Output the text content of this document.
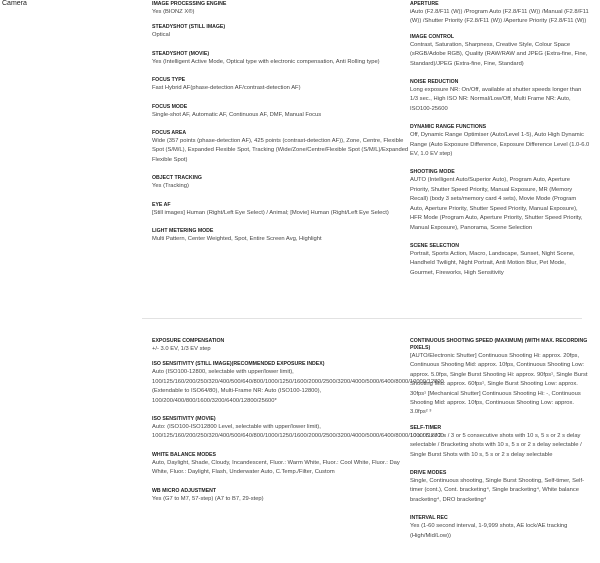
Camera	IMAGE PROCESSING ENGINE
Yes (BIONZ X®)
STEADYSHOT (STILL IMAGE)
Optical
STEADYSHOT (MOVIE)
Yes (Intelligent Active Mode, Optical type with electronic compensation, Anti Rolling type)
FOCUS TYPE
Fast Hybrid AF(phase-detection AF/contrast-detection AF)
FOCUS MODE
Single-shot AF, Automatic AF, Continuous AF, DMF, Manual Focus
FOCUS AREA
Wide (357 points (phase-detection AF), 425 points (contrast-detection AF)), Zone, Centre, Flexible Spot (S/M/L), Expanded Flexible Spot, Tracking (Wide/Zone/Centre/Flexible Spot (S/M/L)/Expanded Flexible Spot)
OBJECT TRACKING
Yes (Tracking)
EYE AF
[Still images] Human (Right/Left Eye Select) / Animal; [Movie] Human (Right/Left Eye Select)
LIGHT METERING MODE
Multi Pattern, Center Weighted, Spot, Entire Screen Avg, Highlight
APERTURE
iAuto (F2.8/F11 (W)) /Program Auto (F2.8/F11 (W)) /Manual (F2.8/F11 (W)) /Shutter Priority (F2.8/F11 (W)) /Aperture Priority (F2.8/F11 (W))
IMAGE CONTROL
Contrast, Saturation, Sharpness, Creative Style, Colour Space (sRGB/Adobe RGB), Quality (RAW/RAW and JPEG (Extra-fine, Fine, Standard)/JPEG (Extra-fine, Fine, Standard)
NOISE REDUCTION
Long exposure NR: On/Off, available at shutter speeds longer than 1/3 sec., High ISO NR: Normal/Low/Off, Multi Frame NR: Auto, ISO100-25600
DYNAMIC RANGE FUNCTIONS
Off, Dynamic Range Optimiser (Auto/Level 1-5), Auto High Dynamic Range (Auto Exposure Difference, Exposure Difference Level (1.0-6.0 EV, 1.0 EV step)
SHOOTING MODE
AUTO (Intelligent Auto/Superior Auto), Program Auto, Aperture Priority, Shutter Speed Priority, Manual Exposure, MR (Memory Recall) (body 3 sets/memory card 4 sets), Movie Mode (Program Auto, Aperture Priority, Shutter Speed Priority, Manual Exposure), HFR Mode (Program Auto, Aperture Priority, Shutter Speed Priority, Manual Exposure), Panorama, Scene Selection
SCENE SELECTION
Portrait, Sports Action, Macro, Landscape, Sunset, Night Scene, Handheld Twilight, Night Portrait, Anti Motion Blur, Pet Mode, Gourmet, Fireworks, High Sensitivity
EXPOSURE COMPENSATION
+/- 3.0 EV, 1/3 EV step
ISO SENSITIVITY (STILL IMAGE)(RECOMMENDED EXPOSURE INDEX)
Auto (ISO100-12800, selectable with upper/lower limit), 100/125/160/200/250/320/400/500/640/800/1000/1250/1600/2000/2500/3200/4000/5000/6400/8000/10000/12800 (Extendable to ISO64/80), Multi-Frame NR: Auto (ISO100-12800), 100/200/400/800/1600/3200/6400/12800/25600*
ISO SENSITIVITY (MOVIE)
Auto: (ISO100-ISO12800 Level, selectable with upper/lower limit), 100/125/160/200/250/320/400/500/640/800/1000/1250/1600/2000/2500/3200/4000/5000/6400/8000/10000/12800
WHITE BALANCE MODES
Auto, Daylight, Shade, Cloudy, Incandescent, Fluor.: Warm White, Fluor.: Cool White, Fluor.: Day White, Fluor.: Daylight, Flash, Underwater Auto, C.Temp./Filter, Custom
WB MICRO ADJUSTMENT
Yes (G7 to M7, 57-step) (A7 to B7, 29-step)
CONTINUOUS SHOOTING SPEED (MAXIMUM) (WITH MAX. RECORDING PIXELS)
[AUTO/Electronic Shutter] Continuous Shooting Hi: approx. 20fps, Continuous Shooting Mid: approx. 10fps, Continuous Shooting Low: approx. 5.0fps, Single Burst Shooting Hi: approx. 90fps¹, Single Burst Shooting Mid: approx. 60fps¹, Single Burst Shooting Low: approx. 30fps¹ [Mechanical Shutter] Continuous Shooting Hi: -, Continuous Shooting Mid: approx. 10fps, Continuous Shooting Low: approx. 3.0fps² ³
SELF-TIMER
10 s / 5 s / 2 s / 3 or 5 consecutive shots with 10 s, 5 s or 2 s delay selectable / Bracketing shots with 10 s, 5 s or 2 s delay selectable / Single Burst Shots with 10 s, 5 s or 2 s delay selectable
DRIVE MODES
Single, Continuous shooting, Single Burst Shooting, Self-timer, Self-timer (cont.), Cont. bracketing⁴, Single bracketing⁴, White balance bracketing⁴, DRO bracketing⁴
INTERVAL REC
Yes (1-60 second interval, 1-9,999 shots, AE lock/AE tracking (High/Mid/Low))
